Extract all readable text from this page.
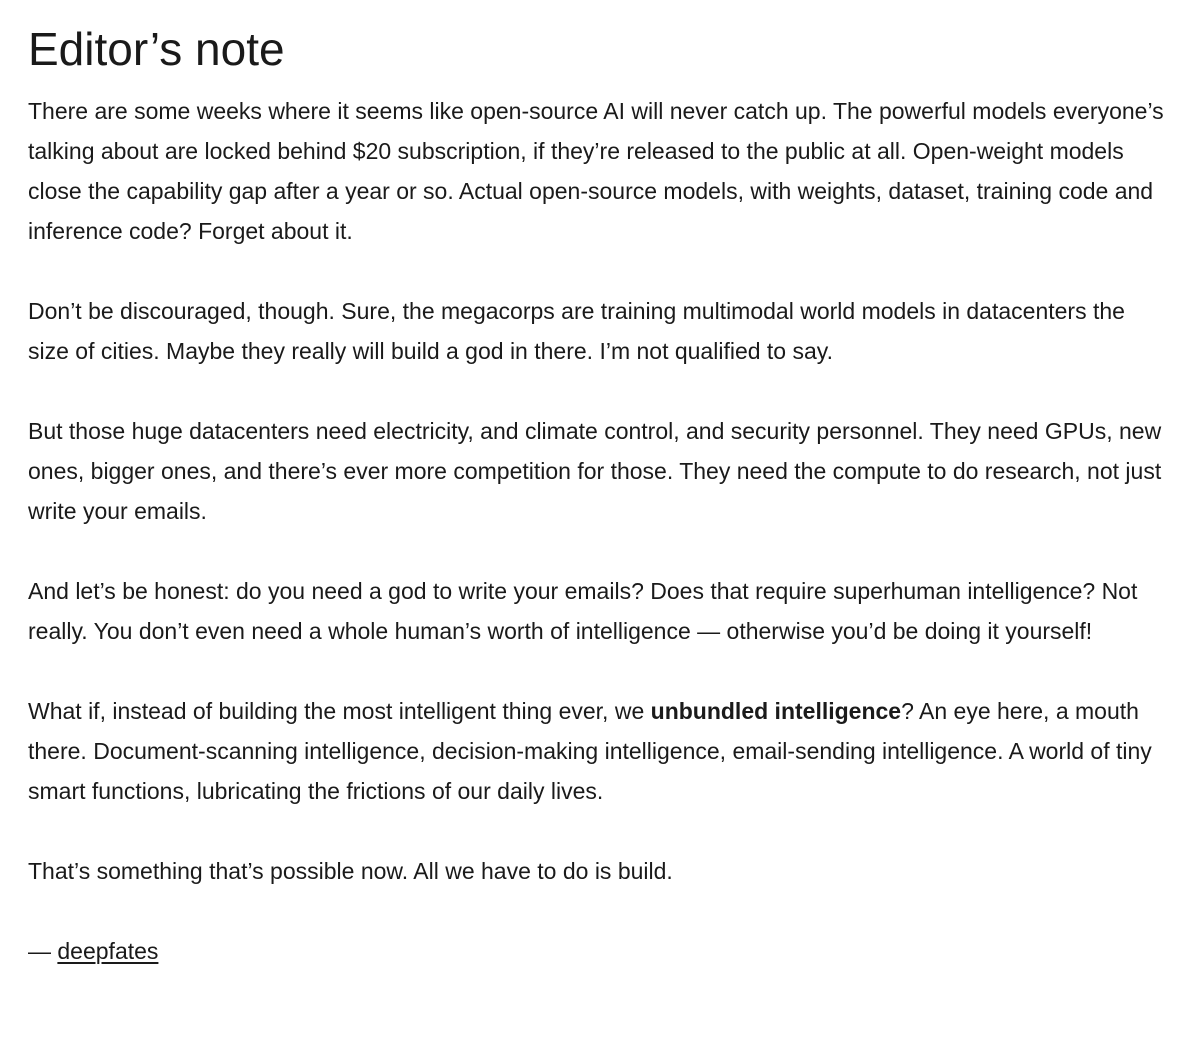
Editor’s note

There are some weeks where it seems like open-source AI will never catch up. The powerful models everyone’s talking about are locked behind $20 subscription, if they’re released to the public at all. Open-weight models close the capability gap after a year or so. Actual open-source models, with weights, dataset, training code and inference code? Forget about it.

Don’t be discouraged, though. Sure, the megacorps are training multimodal world models in datacenters the size of cities. Maybe they really will build a god in there. I’m not qualified to say.

But those huge datacenters need electricity, and climate control, and security personnel. They need GPUs, new ones, bigger ones, and there’s ever more competition for those. They need the compute to do research, not just write your emails.

And let’s be honest: do you need a god to write your emails? Does that require superhuman intelligence? Not really. You don’t even need a whole human’s worth of intelligence — otherwise you’d be doing it yourself!

What if, instead of building the most intelligent thing ever, we unbundled intelligence? An eye here, a mouth there. Document-scanning intelligence, decision-making intelligence, email-sending intelligence. A world of tiny smart functions, lubricating the frictions of our daily lives.

That’s something that’s possible now. All we have to do is build.

— deepfates
